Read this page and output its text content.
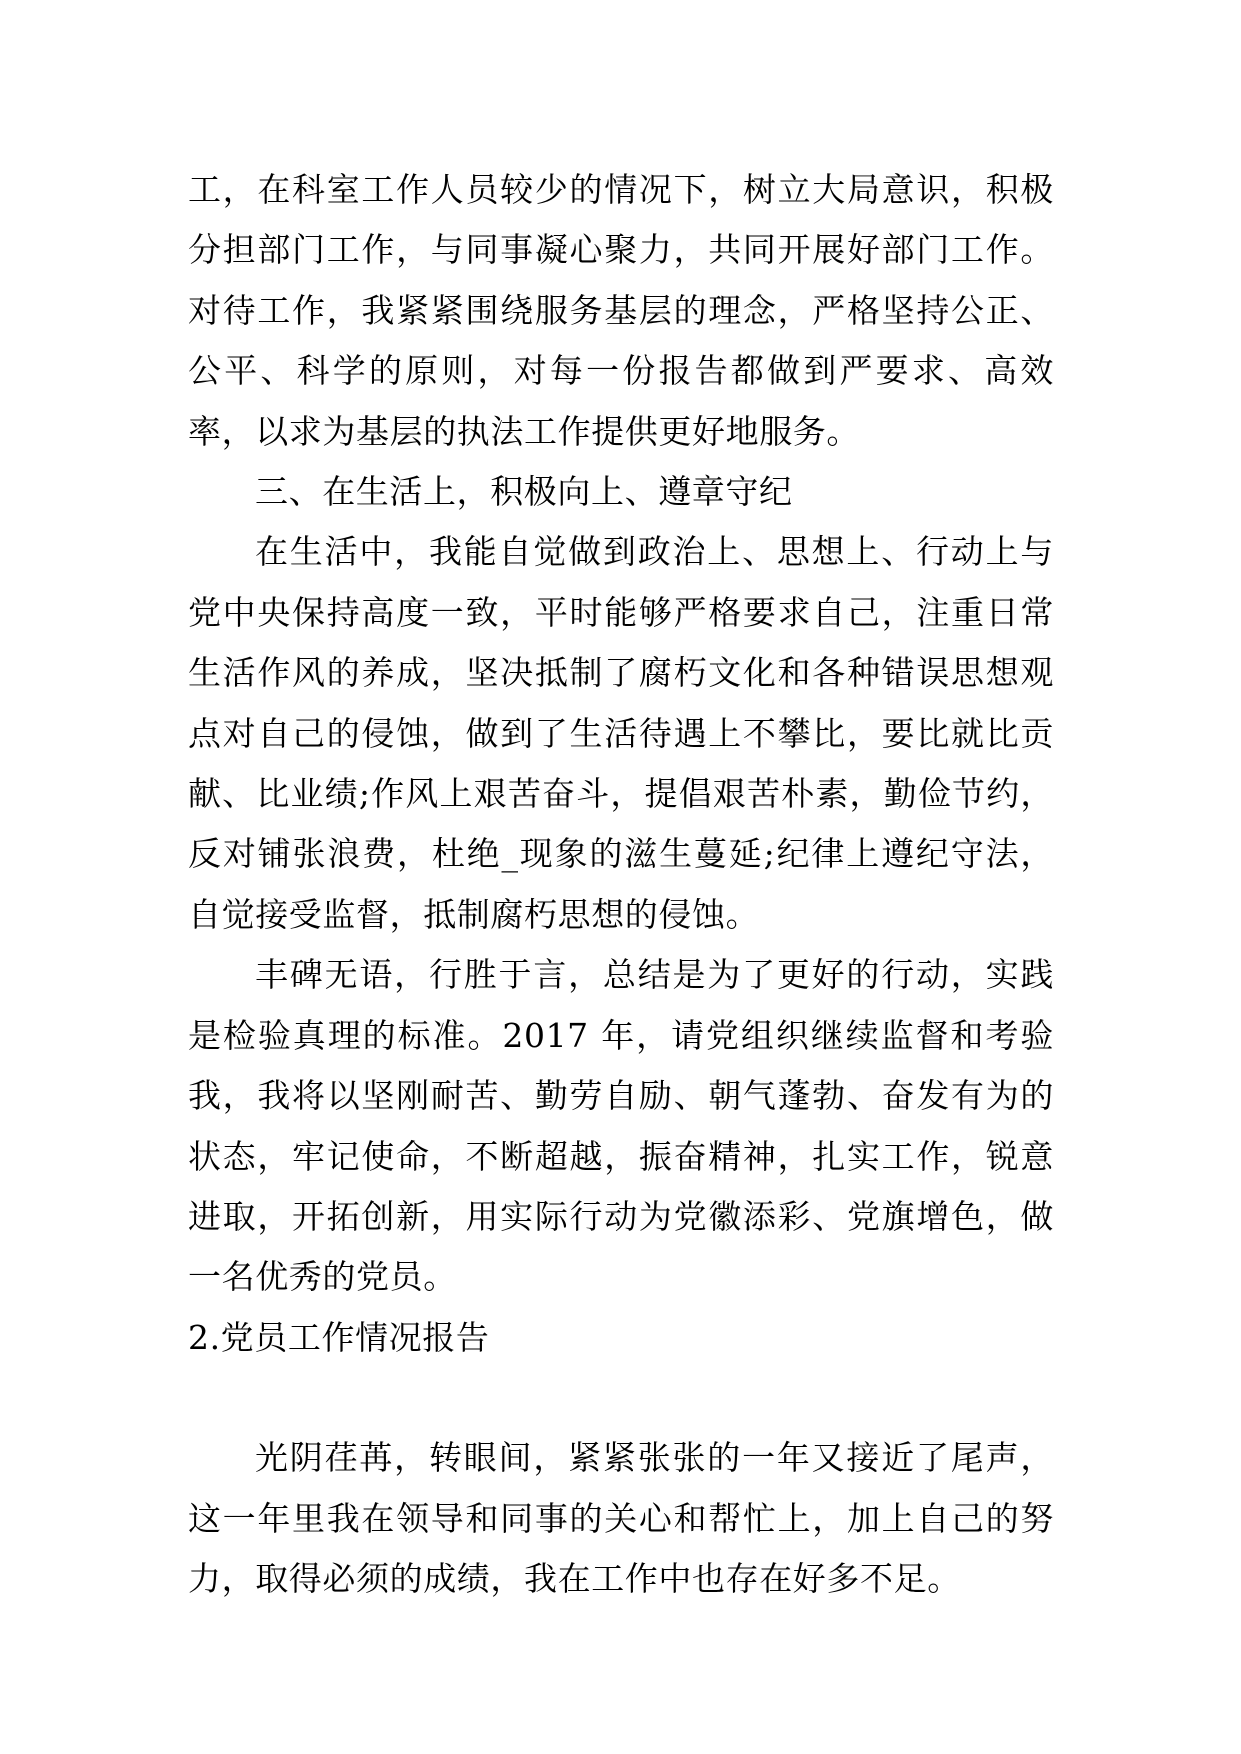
工，在科室工作人员较少的情况下，树立大局意识，积极分担部门工作，与同事凝心聚力，共同开展好部门工作。对待工作，我紧紧围绕服务基层的理念，严格坚持公正、公平、科学的原则，对每一份报告都做到严要求、高效率，以求为基层的执法工作提供更好地服务。

三、在生活上，积极向上、遵章守纪

在生活中，我能自觉做到政治上、思想上、行动上与党中央保持高度一致，平时能够严格要求自己，注重日常生活作风的养成，坚决抵制了腐朽文化和各种错误思想观点对自己的侵蚀，做到了生活待遇上不攀比，要比就比贡献、比业绩;作风上艰苦奋斗，提倡艰苦朴素，勤俭节约，反对铺张浪费，杜绝_现象的滋生蔓延;纪律上遵纪守法，自觉接受监督，抵制腐朽思想的侵蚀。

丰碑无语，行胜于言，总结是为了更好的行动，实践是检验真理的标准。2017 年，请党组织继续监督和考验我，我将以坚刚耐苦、勤劳自励、朝气蓬勃、奋发有为的状态，牢记使命，不断超越，振奋精神，扎实工作，锐意进取，开拓创新，用实际行动为党徽添彩、党旗增色，做一名优秀的党员。

2.党员工作情况报告

光阴荏苒，转眼间，紧紧张张的一年又接近了尾声，这一年里我在领导和同事的关心和帮忙上，加上自己的努力，取得必须的成绩，我在工作中也存在好多不足。
